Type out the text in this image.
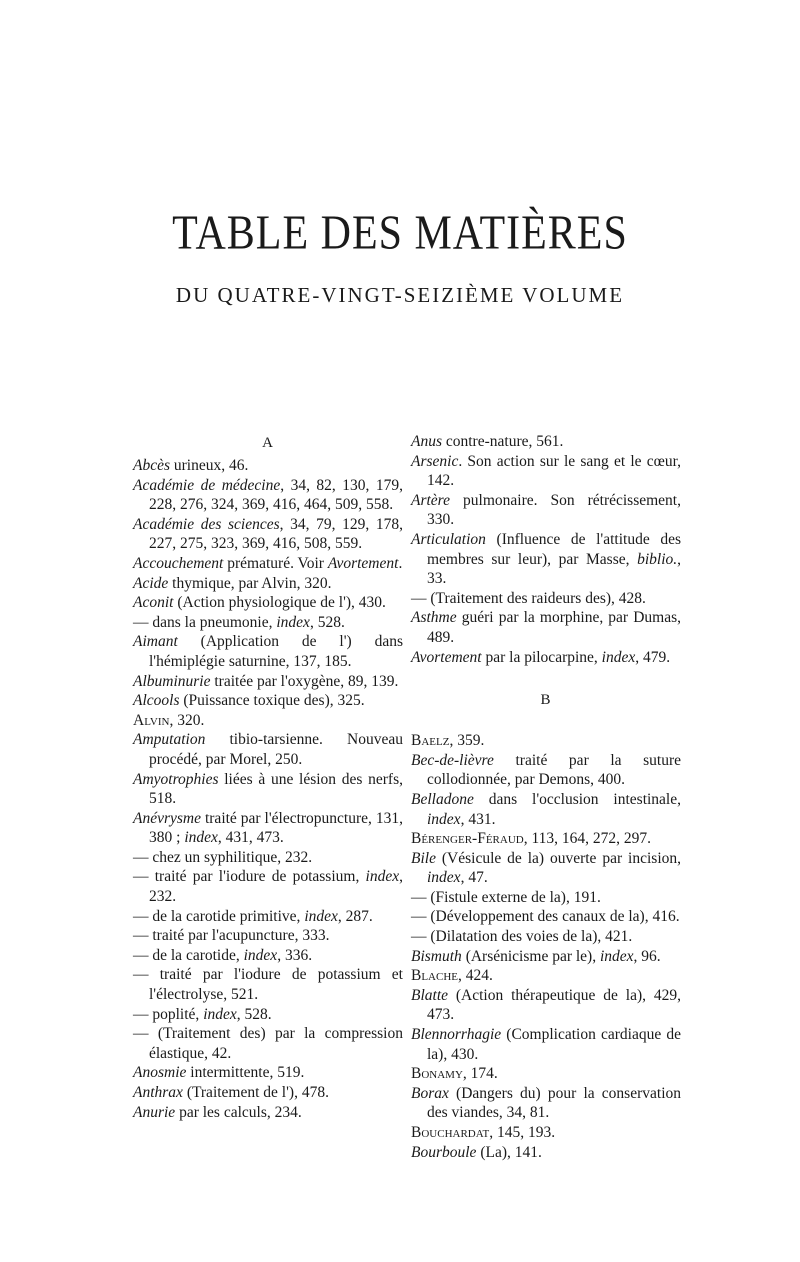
TABLE DES MATIÈRES
DU QUATRE-VINGT-SEIZIÈME VOLUME
A
Abcès urineux, 46.
Académie de médecine, 34, 82, 130, 179, 228, 276, 324, 369, 416, 464, 509, 558.
Académie des sciences, 34, 79, 129, 178, 227, 275, 323, 369, 416, 508, 559.
Accouchement prématuré. Voir Avortement.
Acide thymique, par Alvin, 320.
Aconit (Action physiologique de l'), 430.
— dans la pneumonie, index, 528.
Aimant (Application de l') dans l'hémiplégie saturnine, 137, 185.
Albuminurie traitée par l'oxygène, 89, 139.
Alcools (Puissance toxique des), 325.
Alvin, 320.
Amputation tibio-tarsienne. Nouveau procédé, par Morel, 250.
Amyotrophies liées à une lésion des nerfs, 518.
Anévrysme traité par l'électropuncture, 131, 380 ; index, 431, 473.
— chez un syphilitique, 232.
— traité par l'iodure de potassium, index, 232.
— de la carotide primitive, index, 287.
— traité par l'acupuncture, 333.
— de la carotide, index, 336.
— traité par l'iodure de potassium et l'électrolyse, 521.
— poplité, index, 528.
— (Traitement des) par la compression élastique, 42.
Anosmie intermittente, 519.
Anthrax (Traitement de l'), 478.
Anurie par les calculs, 234.
Anus contre-nature, 561.
Arsenic. Son action sur le sang et le cœur, 142.
Artère pulmonaire. Son rétrécissement, 330.
Articulation (Influence de l'attitude des membres sur leur), par Masse, biblio., 33.
— (Traitement des raideurs des), 428.
Asthme guéri par la morphine, par Dumas, 489.
Avortement par la pilocarpine, index, 479.
B
Baelz, 359.
Bec-de-lièvre traité par la suture collodionnée, par Demons, 400.
Belladone dans l'occlusion intestinale, index, 431.
Bérenger-Féraud, 113, 164, 272, 297.
Bile (Vésicule de la) ouverte par incision, index, 47.
— (Fistule externe de la), 191.
— (Développement des canaux de la), 416.
— (Dilatation des voies de la), 421.
Bismuth (Arsénicisme par le), index, 96.
Blache, 424.
Blatte (Action thérapeutique de la), 429, 473.
Blennorrhagie (Complication cardiaque de la), 430.
Bonamy, 174.
Borax (Dangers du) pour la conservation des viandes, 34, 81.
Bouchardat, 145, 193.
Bourboule (La), 141.
